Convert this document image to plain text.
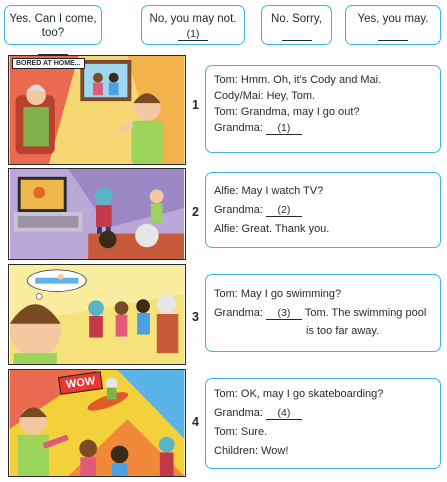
Yes. Can I come, too?
No, you may not.
(1)
No. Sorry,	Yes, you may.
BORED AT HOME...
1
Tom: Hmm. Oh, it's Cody and Mai.
Cody/Mai: Hey, Tom.
Tom: Grandma, may I go out?
Grandma: (1)
2
Alfie: May I watch TV?
Grandma: (2)
Alfie: Great. Thank you.
3
Tom: May I go swimming?
Grandma: (3) Tom. The swimming pool
is too far away.
WOW
4
Tom: OK, may I go skateboarding?
Grandma: (4)
Tom: Sure.
Children: Wow!
